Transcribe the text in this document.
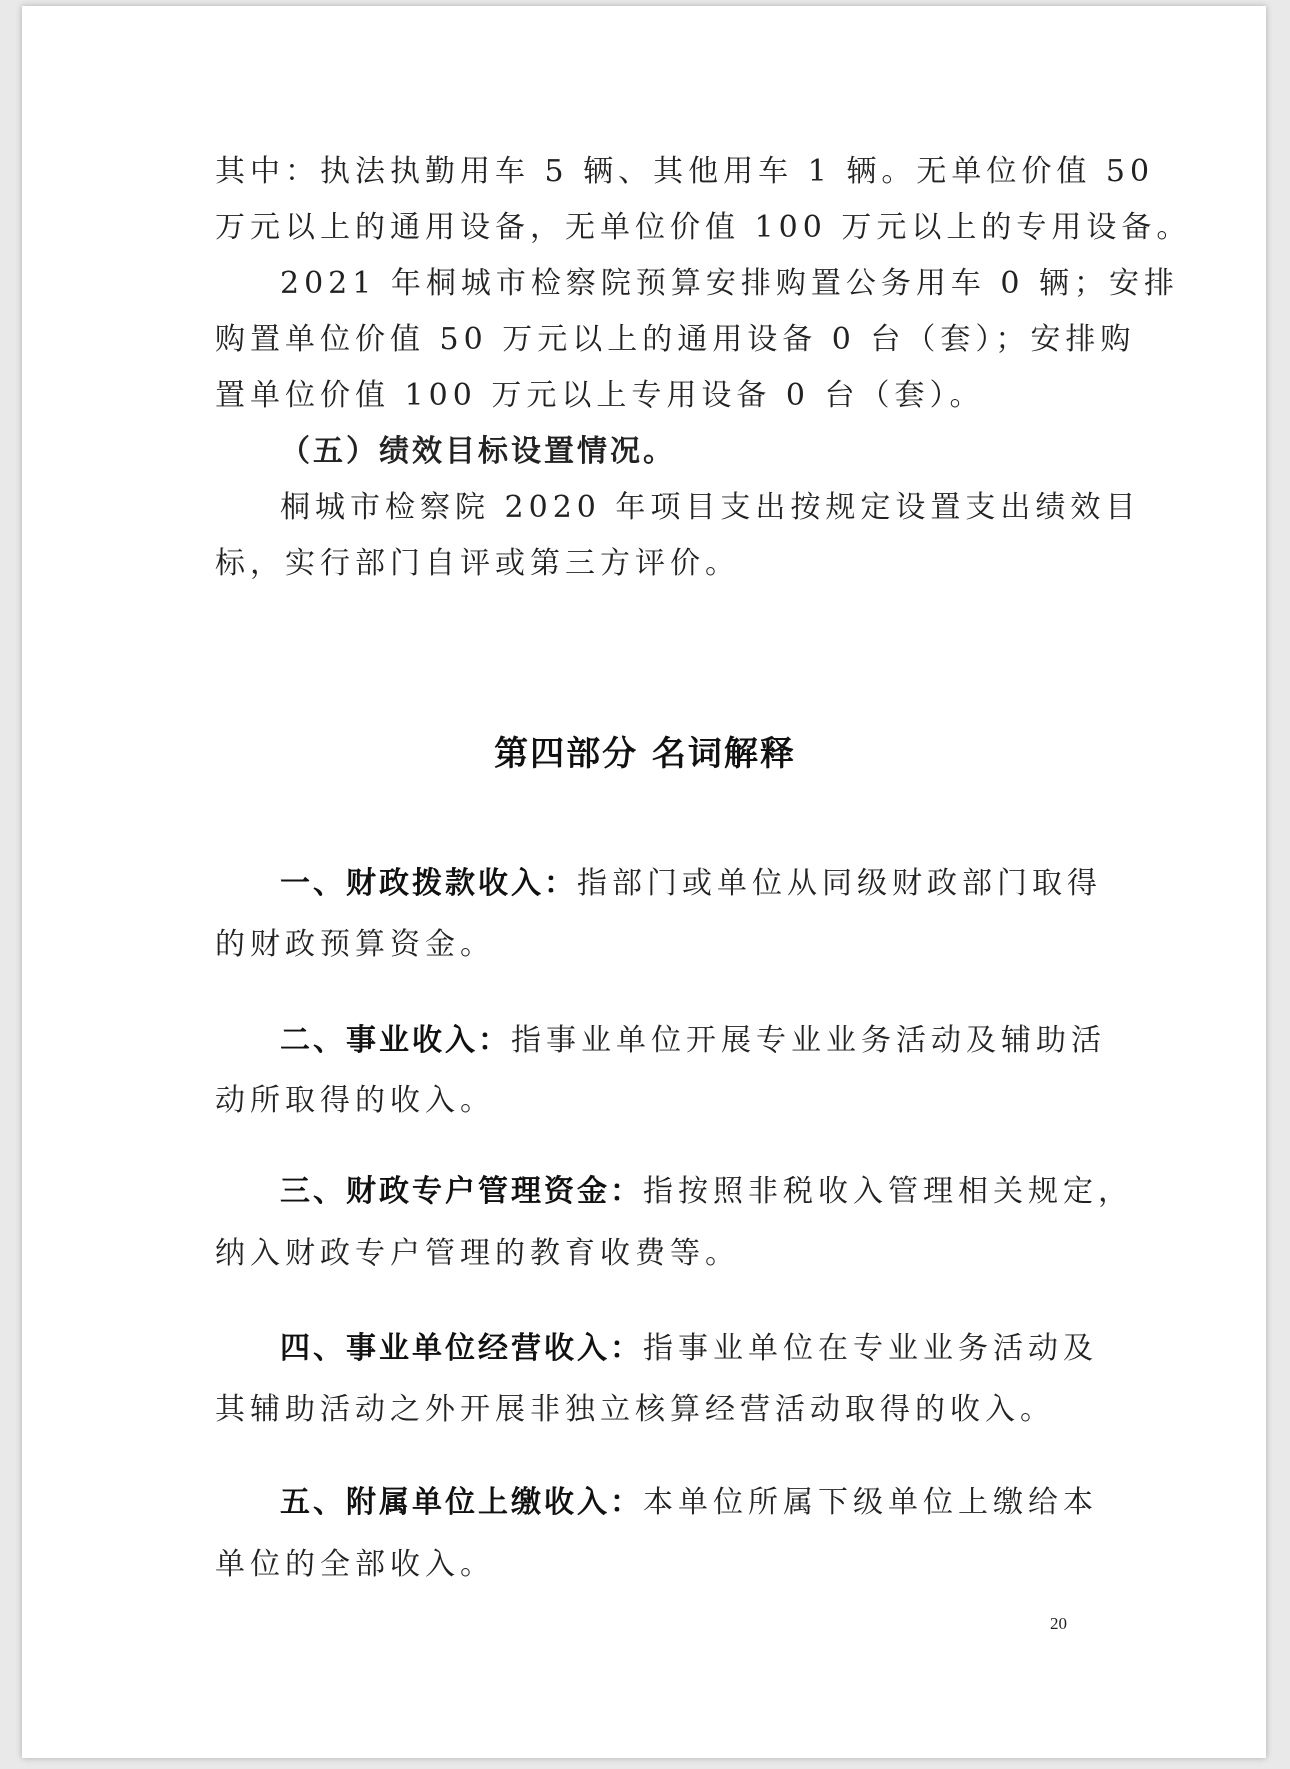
其中：执法执勤用车 5 辆、其他用车 1 辆。无单位价值 50
万元以上的通用设备，无单位价值 100 万元以上的专用设备。
2021 年桐城市检察院预算安排购置公务用车 0 辆；安排
购置单位价值 50 万元以上的通用设备 0 台（套）；安排购
置单位价值 100 万元以上专用设备 0 台（套）。
（五）绩效目标设置情况。
桐城市检察院 2020 年项目支出按规定设置支出绩效目
标，实行部门自评或第三方评价。
第四部分 名词解释
一、财政拨款收入：指部门或单位从同级财政部门取得
的财政预算资金。
二、事业收入：指事业单位开展专业业务活动及辅助活
动所取得的收入。
三、财政专户管理资金：指按照非税收入管理相关规定，
纳入财政专户管理的教育收费等。
四、事业单位经营收入：指事业单位在专业业务活动及
其辅助活动之外开展非独立核算经营活动取得的收入。
五、附属单位上缴收入：本单位所属下级单位上缴给本
单位的全部收入。
20
